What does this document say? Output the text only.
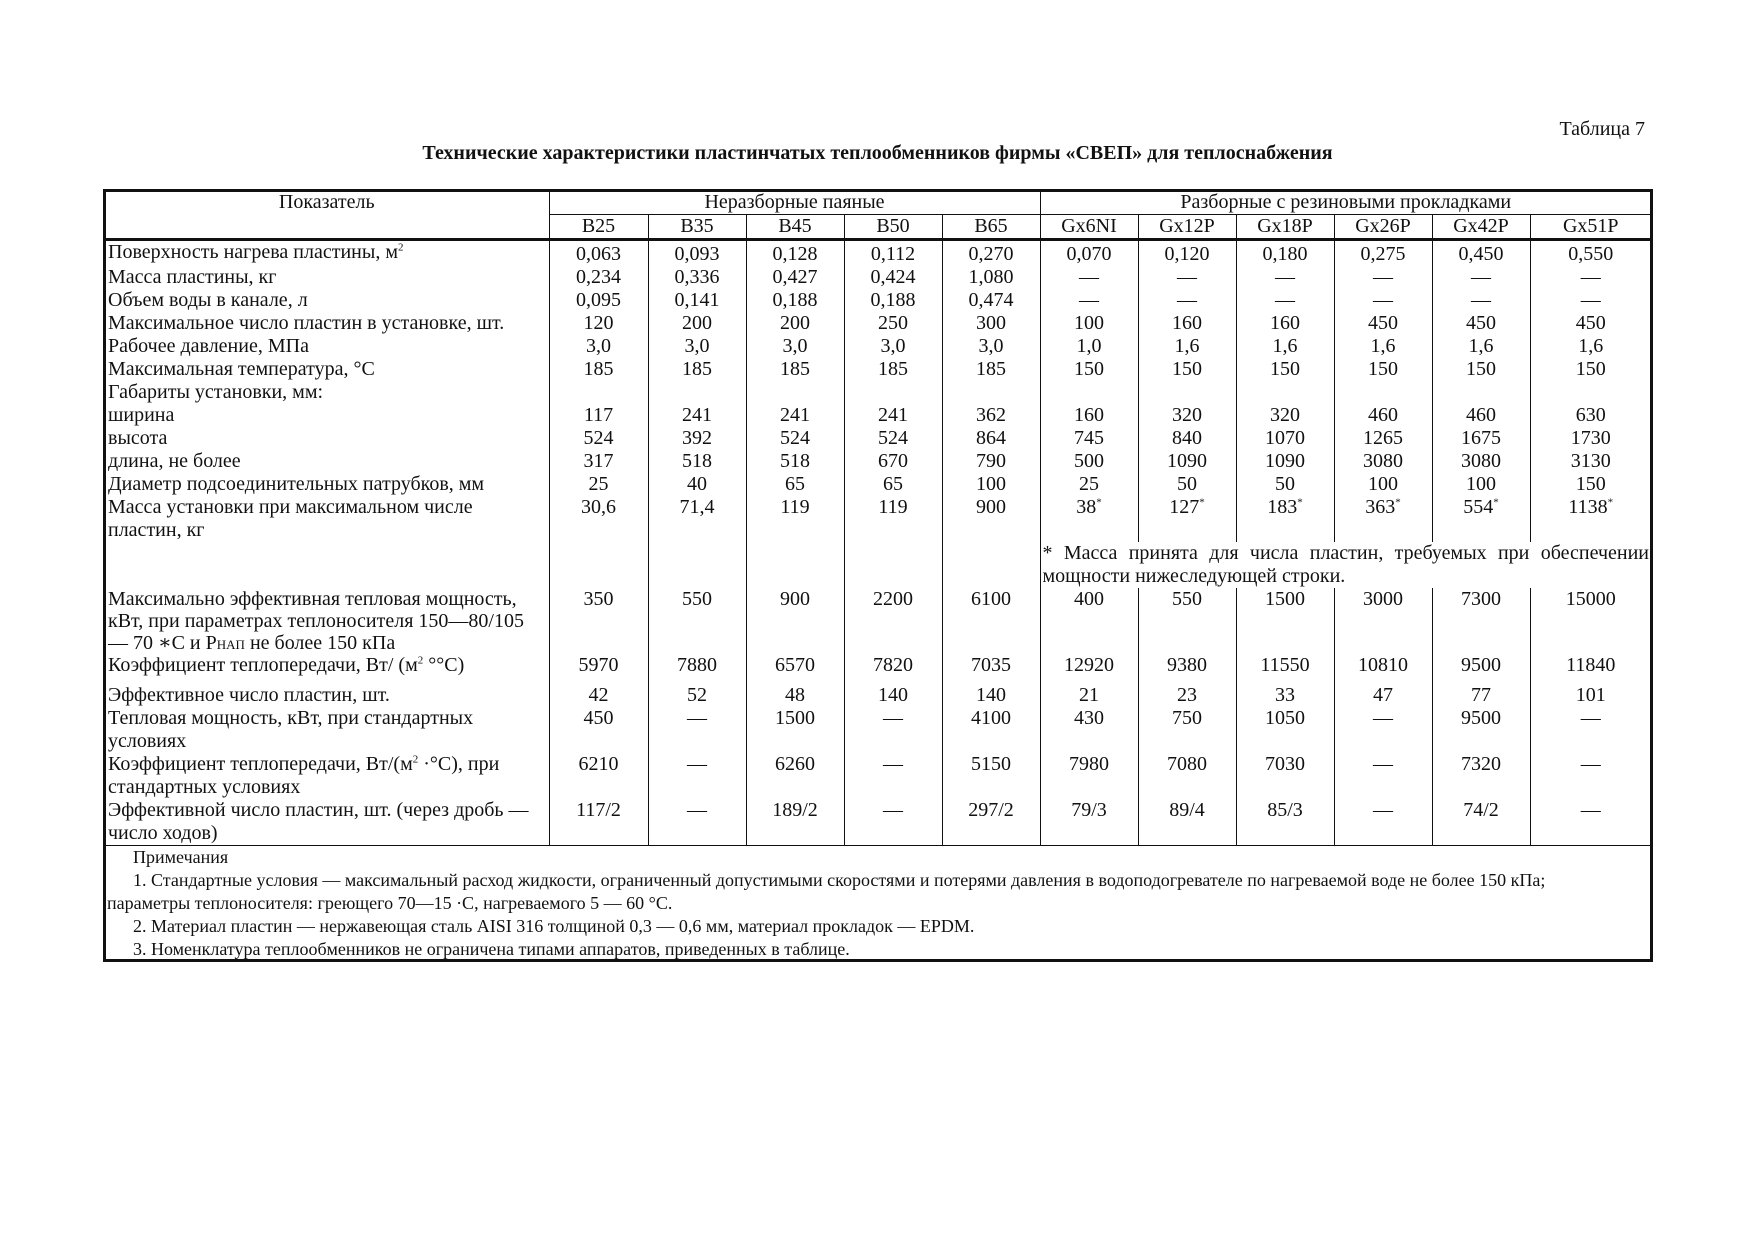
Таблица 7
Технические характеристики пластинчатых теплообменников фирмы «СВЕП» для теплоснабжения
Показатель	Неразборные паяные					Разборные с резиновыми прокладками					
	B25	B35	B45	B50	B65	Gx6NI	Gx12P	Gx18P	Gx26P	Gx42P	Gx51P
Поверхность нагрева пластины, $м^2$	0,063	0,093	0,128	0,112	0,270	0,070	0,120	0,180	0,275	0,450	0,550
Масса пластины, кг	0,234	0,336	0,427	0,424	1,080	—	—	—	—	—	—
Объем воды в канале, л	0,095	0,141	0,188	0,188	0,474	—	—	—	—	—	—
Максимальное число пластин в установке, шт.	120	200	200	250	300	100	160	160	450	450	450
Рабочее давление, МПа	3,0	3,0	3,0	3,0	3,0	1,0	1,6	1,6	1,6	1,6	1,6
Максимальная температура, °С	185	185	185	185	185	150	150	150	150	150	150
Габариты установки, мм:											
ширина	117	241	241	241	362	160	320	320	460	460	630
высота	524	392	524	524	864	745	840	1070	1265	1675	1730
длина, не более	317	518	518	670	790	500	1090	1090	3080	3080	3130
Диаметр подсоединительных патрубков, мм	25	40	65	65	100	25	50	50	100	100	150
Масса установки при максимальном числе пластин, кг	30,6	71,4	119	119	900	38*	127*	183*	363*	554*	1138*

						* Масса принята для числа пластин, требуемых при обеспечении мощности нижеследующей строки.					

Максимально эффективная тепловая мощность, кВт, при параметрах теплоносителя 150—80/105 — 70 ∗С и РНАП не более 150 кПа	350	550	900	2200	6100	400	550	1500	3000	7300	15000
Коэффициент теплопередачи, Вт/ ($м^2$ °°С)	5970	7880	6570	7820	7035	12920	9380	11550	10810	9500	11840
Эффективное число пластин, шт.	42	52	48	140	140	21	23	33	47	77	101
Тепловая мощность, кВт, при стандартных условиях	450	—	1500	—	4100	430	750	1050	—	9500	—
Коэффициент теплопередачи, $Вт/(м^2 \cdot^\circ С)$, при стандартных условиях	6210	—	6260	—	5150	7980	7080	7030	—	7320	—
Эффективной число пластин, шт. (через дробь — число ходов)	117/2	—	189/2	—	297/2	79/3	89/4	85/3	—	74/2	—

Примечания
1. Стандартные условия — максимальный расход жидкости, ограниченный допустимыми скоростями и потерями давления в водоподогревателе по нагреваемой воде не более 150 кПа;
параметры теплоносителя: греющего 70—15 ·С, нагреваемого 5 — 60 °С.
2. Материал пластин — нержавеющая сталь AISI 316 толщиной 0,3 — 0,6 мм, материал прокладок — EPDM.
3. Номенклатура теплообменников не ограничена типами аппаратов, приведенных в таблице.											
